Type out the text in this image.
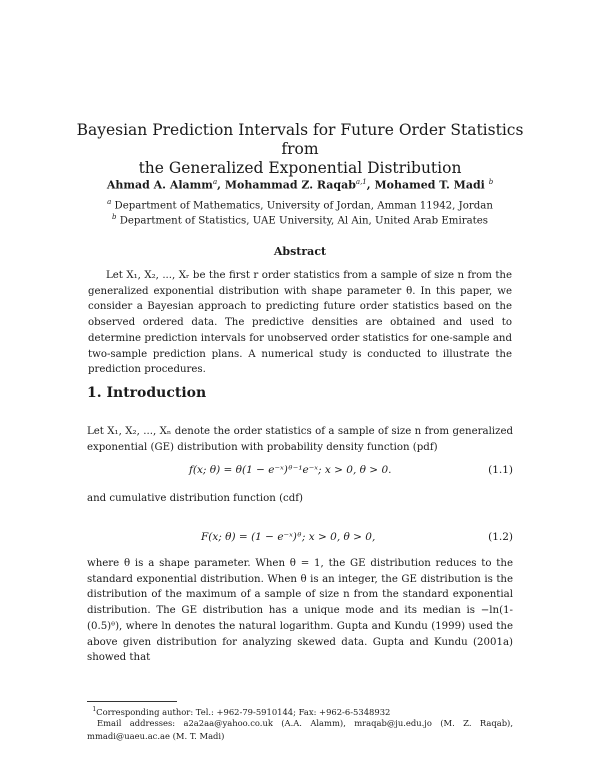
Bayesian Prediction Intervals for Future Order Statistics from
the Generalized Exponential Distribution
Ahmad A. Alamm$^a$, Mohammad Z. Raqab$^{a,1}$, Mohamed T. Madi $^b$
$^a$ Department of Mathematics, University of Jordan, Amman 11942, Jordan
$^b$ Department of Statistics, UAE University, Al Ain, United Arab Emirates
Abstract
Let X₁, X₂, ..., Xᵣ be the first r order statistics from a sample of size n from the generalized exponential distribution with shape parameter θ. In this paper, we consider a Bayesian approach to predicting future order statistics based on the observed ordered data. The predictive densities are obtained and used to determine prediction intervals for unobserved order statistics for one-sample and two-sample prediction plans. A numerical study is conducted to illustrate the prediction procedures.
1. Introduction
Let X₁, X₂, ..., Xₙ denote the order statistics of a sample of size n from generalized exponential (GE) distribution with probability density function (pdf)
f(x; θ) = θ(1 − e⁻ˣ)ᶿ⁻¹e⁻ˣ; x > 0, θ > 0.	(1.1)
and cumulative distribution function (cdf)
F(x; θ) = (1 − e⁻ˣ)ᶿ; x > 0, θ > 0,	(1.2)
where θ is a shape parameter. When θ = 1, the GE distribution reduces to the standard exponential distribution. When θ is an integer, the GE distribution is the distribution of the maximum of a sample of size n from the standard exponential distribution. The GE distribution has a unique mode and its median is −ln(1-(0.5)ᶿ), where ln denotes the natural logarithm. Gupta and Kundu (1999) used the above given distribution for analyzing skewed data. Gupta and Kundu (2001a) showed that
$^1$Corresponding author: Tel.: +962-79-5910144; Fax: +962-6-5348932
Email addresses: a2a2aa@yahoo.co.uk (A.A. Alamm), mraqab@ju.edu.jo (M. Z. Raqab), mmadi@uaeu.ac.ae (M. T. Madi)
